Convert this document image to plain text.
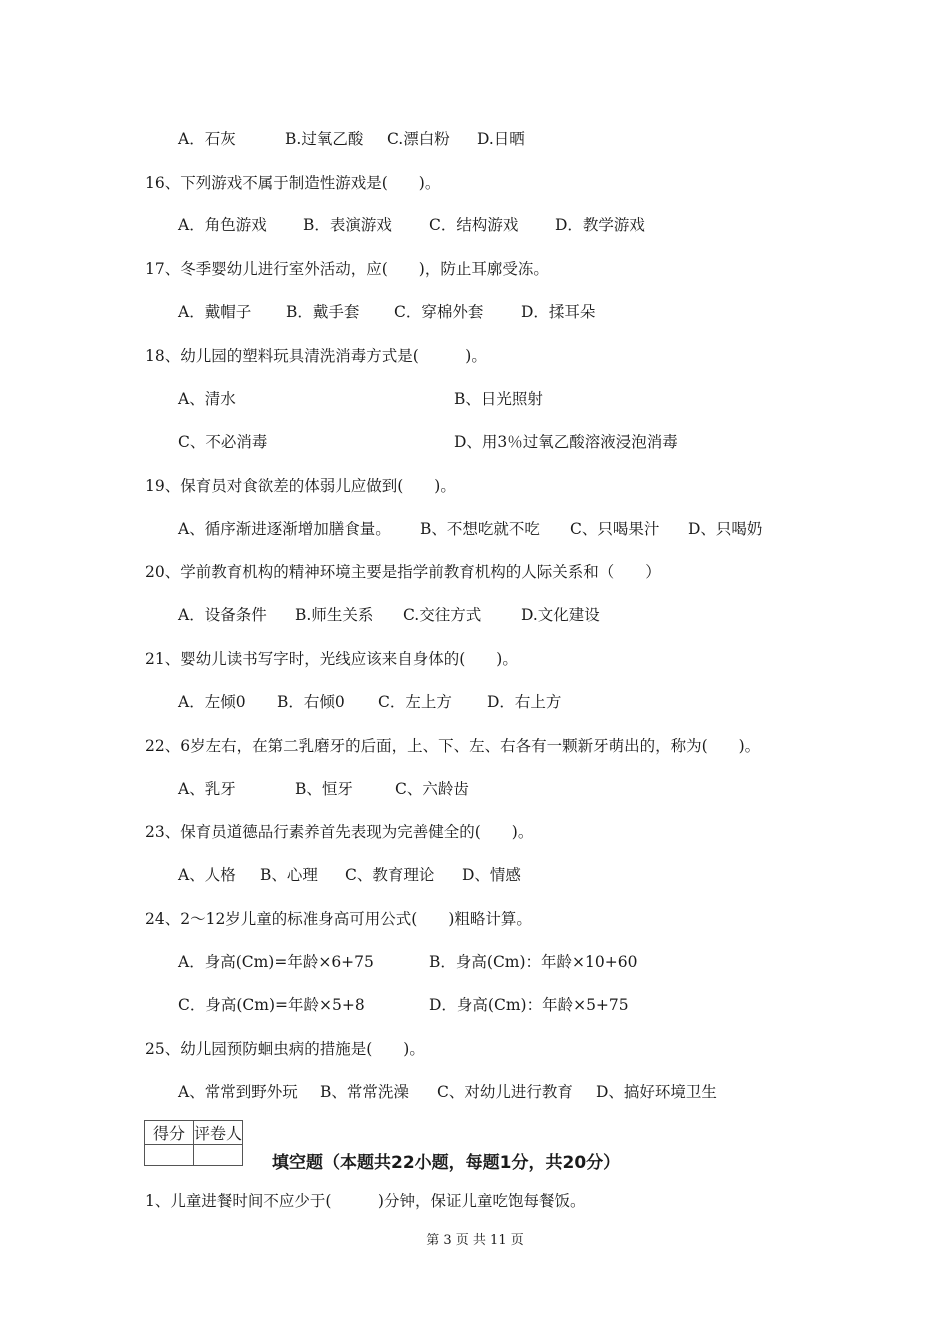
A．石灰	B.过氧乙酸 C.漂白粉 D.日晒
16、下列游戏不属于制造性游戏是(　　)。
A．角色游戏 B．表演游戏 C．结构游戏 D．教学游戏
17、冬季婴幼儿进行室外活动，应(　　)，防止耳廓受冻。
A．戴帽子 B．戴手套 C．穿棉外套 D．揉耳朵
18、幼儿园的塑料玩具清洗消毒方式是(　　　)。
A、清水	B、日光照射
C、不必消毒	D、用3％过氧乙酸溶液浸泡消毒
19、保育员对食欲差的体弱儿应做到(　　)。
A、循序渐进逐渐增加膳食量。 B、不想吃就不吃 C、只喝果汁 D、只喝奶
20、学前教育机构的精神环境主要是指学前教育机构的人际关系和（　　）
A．设备条件 B.师生关系 C.交往方式	D.文化建设
21、婴幼儿读书写字时，光线应该来自身体的(　　)。
A．左倾0 B．右倾0 C．左上方 D．右上方
22、6岁左右，在第二乳磨牙的后面，上、下、左、右各有一颗新牙萌出的，称为(　　)。
A、乳牙	B、恒牙	C、六龄齿
23、保育员道德品行素养首先表现为完善健全的(　　)。
A、人格 B、心理 C、教育理论 D、情感
24、2～12岁儿童的标准身高可用公式(　　)粗略计算。
A．身高(Cm)=年龄×6+75	B．身高(Cm)：年龄×10+60
C．身高(Cm)=年龄×5+8	D．身高(Cm)：年龄×5+75
25、幼儿园预防蛔虫病的措施是(　　)。
A、常常到野外玩 B、常常洗澡 C、对幼儿进行教育 D、搞好环境卫生
得分	评卷人

填空题（本题共22小题，每题1分，共20分）
1、儿童进餐时间不应少于(　　　)分钟，保证儿童吃饱每餐饭。
第 3 页 共 11 页
